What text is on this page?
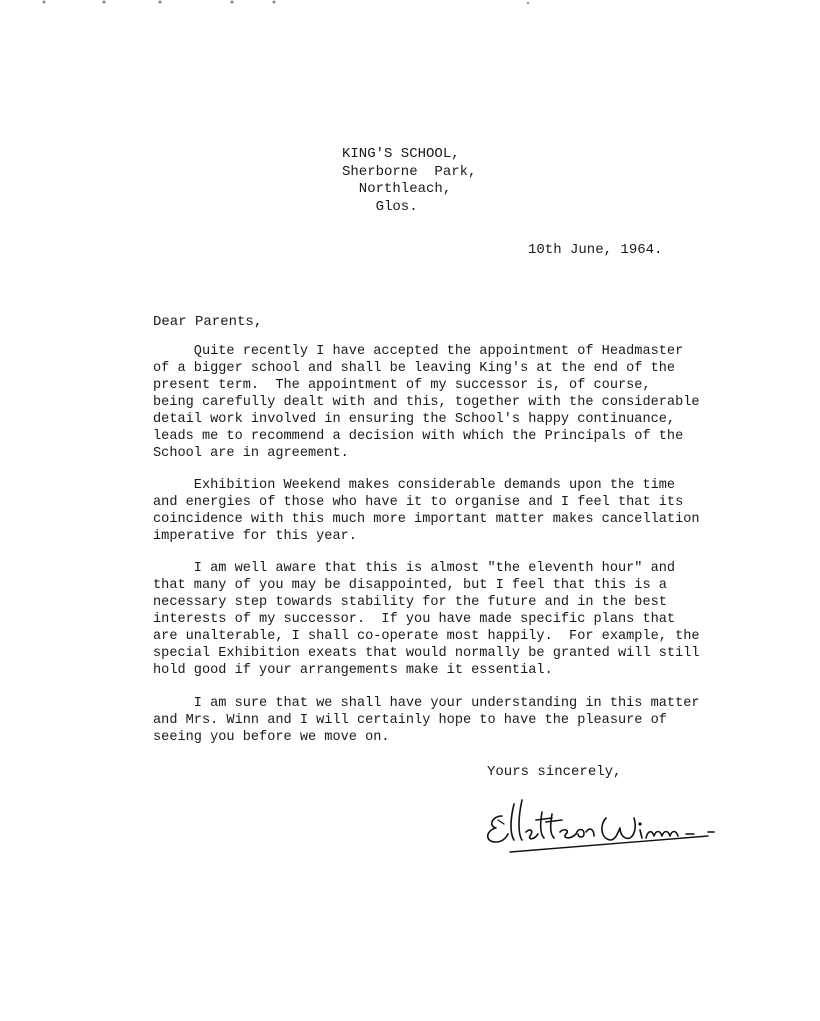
KING'S SCHOOL,
Sherborne  Park,
Northleach,
Glos.
10th June, 1964.
Dear Parents,
Quite recently I have accepted the appointment of Headmaster
of a bigger school and shall be leaving King's at the end of the
present term.  The appointment of my successor is, of course,
being carefully dealt with and this, together with the considerable
detail work involved in ensuring the School's happy continuance,
leads me to recommend a decision with which the Principals of the
School are in agreement.
Exhibition Weekend makes considerable demands upon the time
and energies of those who have it to organise and I feel that its
coincidence with this much more important matter makes cancellation
imperative for this year.
I am well aware that this is almost "the eleventh hour" and
that many of you may be disappointed, but I feel that this is a
necessary step towards stability for the future and in the best
interests of my successor.  If you have made specific plans that
are unalterable, I shall co-operate most happily.  For example, the
special Exhibition exeats that would normally be granted will still
hold good if your arrangements make it essential.
I am sure that we shall have your understanding in this matter
and Mrs. Winn and I will certainly hope to have the pleasure of
seeing you before we move on.
Yours sincerely,
